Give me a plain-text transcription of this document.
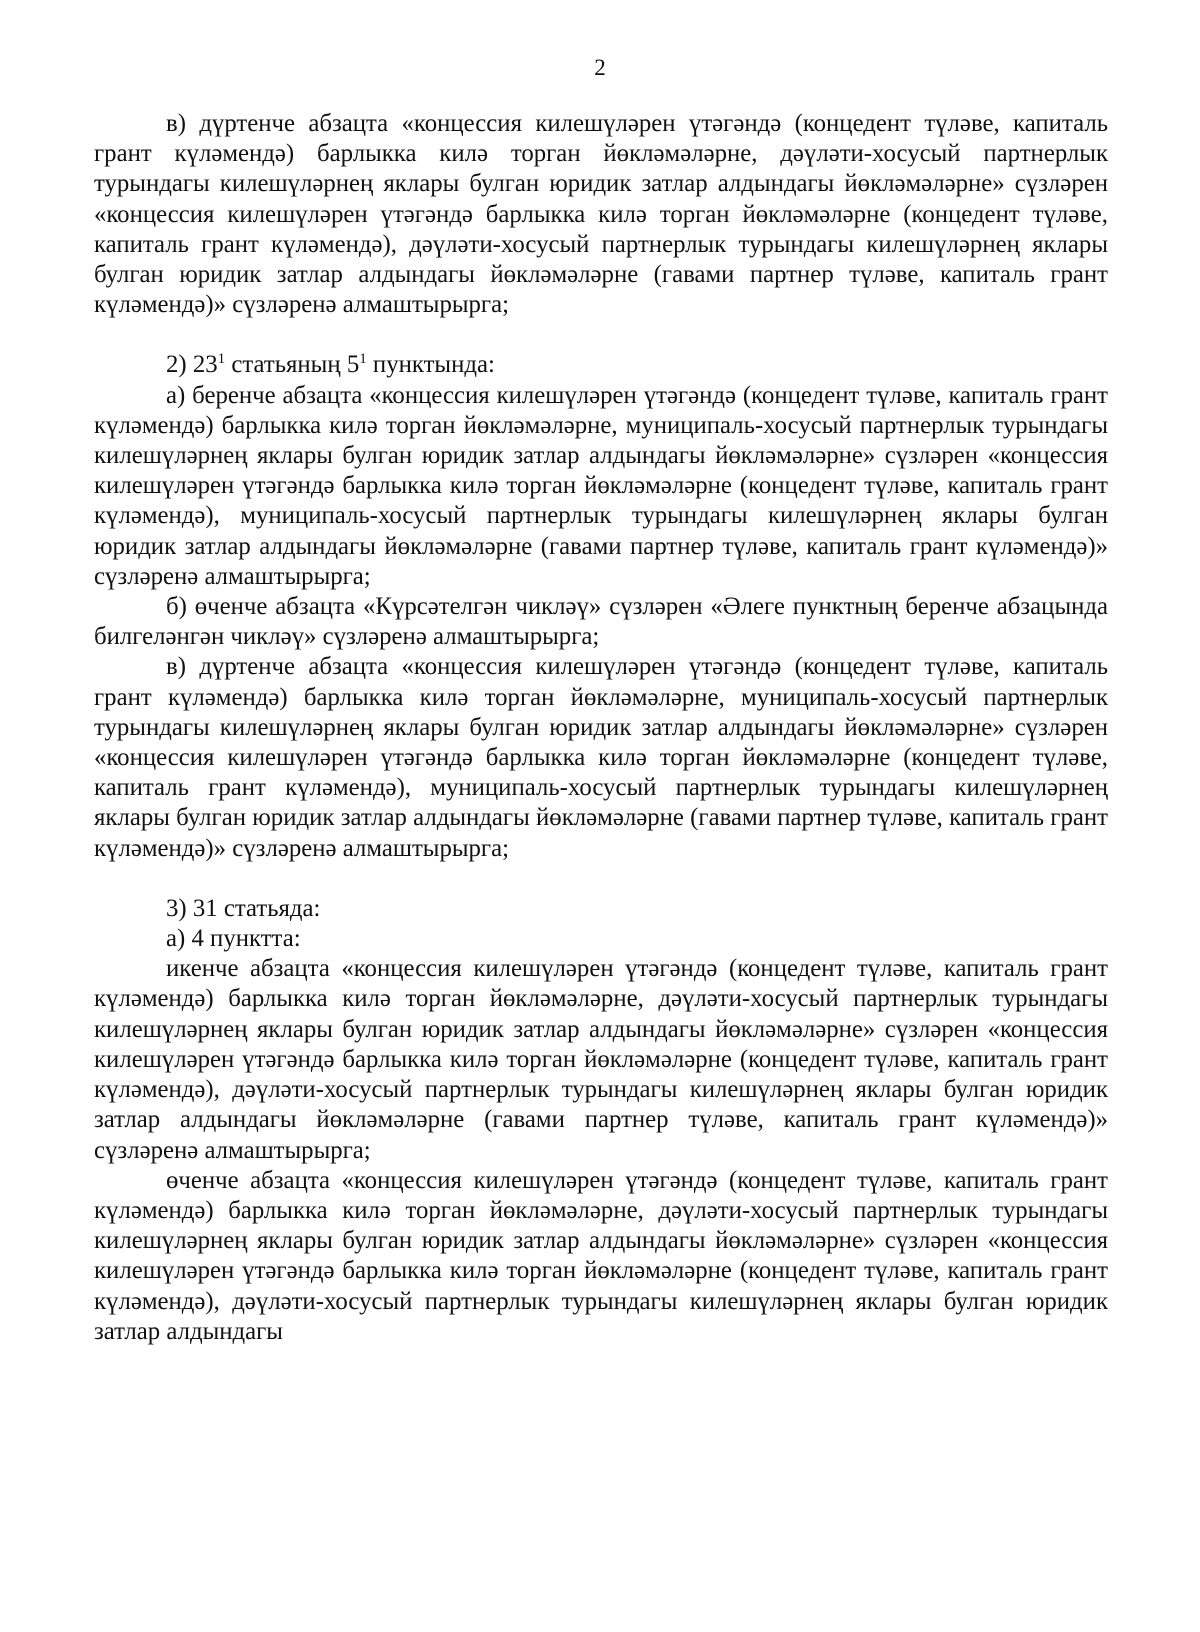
2

в) дүртенче абзацта «концессия килешүләрен үтәгәндә (концедент түләве, капиталь грант күләмендә) барлыкка килә торган йөкләмәләрне, дәүләти-хосусый партнерлык турындагы килешүләрнең яклары булган юридик затлар алдындагы йөкләмәләрне» сүзләрен «концессия килешүләрен үтәгәндә барлыкка килә торган йөкләмәләрне (концедент түләве, капиталь грант күләмендә), дәүләти-хосусый партнерлык турындагы килешүләрнең яклары булган юридик затлар алдындагы йөкләмәләрне (гавами партнер түләве, капиталь грант күләмендә)» сүзләренә алмаштырырга;

2) $23^1$ статьяның $5^1$ пунктында:

а) беренче абзацта «концессия килешүләрен үтәгәндә (концедент түләве, капиталь грант күләмендә) барлыкка килә торган йөкләмәләрне, муниципаль-хосусый партнерлык турындагы килешүләрнең яклары булган юридик затлар алдындагы йөкләмәләрне» сүзләрен «концессия килешүләрен үтәгәндә барлыкка килә торган йөкләмәләрне (концедент түләве, капиталь грант күләмендә), муниципаль-хосусый партнерлык турындагы килешүләрнең яклары булган юридик затлар алдындагы йөкләмәләрне (гавами партнер түләве, капиталь грант күләмендә)» сүзләренә алмаштырырга;

б) өченче абзацта «Күрсәтелгән чикләү» сүзләрен «Әлеге пунктның беренче абзацында билгеләнгән чикләү» сүзләренә алмаштырырга;

в) дүртенче абзацта «концессия килешүләрен үтәгәндә (концедент түләве, капиталь грант күләмендә) барлыкка килә торган йөкләмәләрне, муниципаль-хосусый партнерлык турындагы килешүләрнең яклары булган юридик затлар алдындагы йөкләмәләрне» сүзләрен «концессия килешүләрен үтәгәндә барлыкка килә торган йөкләмәләрне (концедент түләве, капиталь грант күләмендә), муниципаль-хосусый партнерлык турындагы килешүләрнең яклары булган юридик затлар алдындагы йөкләмәләрне (гавами партнер түләве, капиталь грант күләмендә)» сүзләренә алмаштырырга;

3) 31 статьяда:

а) 4 пунктта:

икенче абзацта «концессия килешүләрен үтәгәндә (концедент түләве, капиталь грант күләмендә) барлыкка килә торган йөкләмәләрне, дәүләти-хосусый партнерлык турындагы килешүләрнең яклары булган юридик затлар алдындагы йөкләмәләрне» сүзләрен «концессия килешүләрен үтәгәндә барлыкка килә торган йөкләмәләрне (концедент түләве, капиталь грант күләмендә), дәүләти-хосусый партнерлык турындагы килешүләрнең яклары булган юридик затлар алдындагы йөкләмәләрне (гавами партнер түләве, капиталь грант күләмендә)» сүзләренә алмаштырырга;

өченче абзацта «концессия килешүләрен үтәгәндә (концедент түләве, капиталь грант күләмендә) барлыкка килә торган йөкләмәләрне, дәүләти-хосусый партнерлык турындагы килешүләрнең яклары булган юридик затлар алдындагы йөкләмәләрне» сүзләрен «концессия килешүләрен үтәгәндә барлыкка килә торган йөкләмәләрне (концедент түләве, капиталь грант күләмендә), дәүләти-хосусый партнерлык турындагы килешүләрнең яклары булган юридик затлар алдындагы
